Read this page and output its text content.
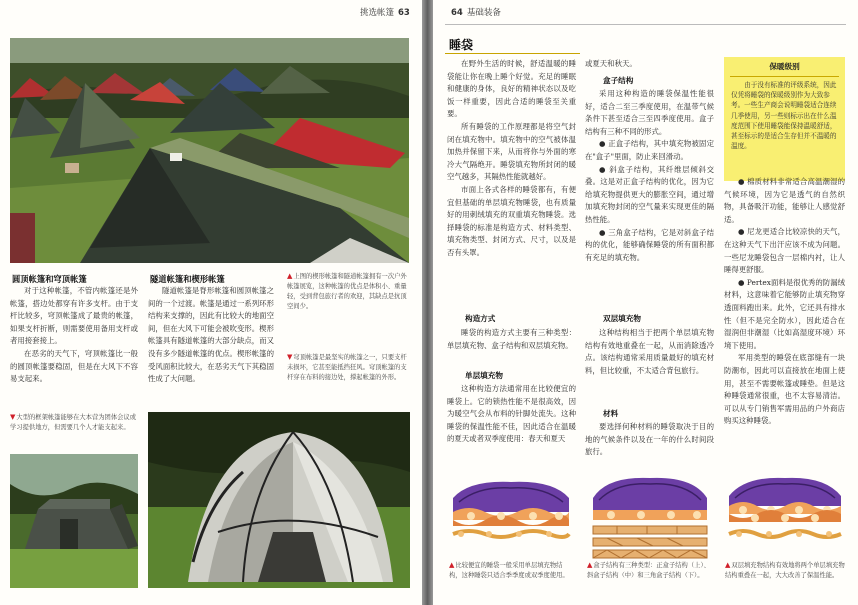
挑选帐篷 63
圆顶帐篷和穹顶帐篷

对于这种帐篷，不管内帐篷还是外帐篷，搭边处都穿有许多支杆。由于支杆比较多，穹顶帐篷成了最贵的帐篷，如果支杆折断，则需要使用备用支杆或者用接套接上。

在恶劣的天气下，穹顶帐篷比一般的圆顶帐篷要稳固，但是在大风下不容易支起来。

▼大型的框架帐篷能够在大本营为团体会议或学习提供地方，但需要几个人才能支起来。
隧道帐篷和楔形帐篷

隧道帐篷是脊形帐篷和圆顶帐篷之间的一个过渡。帐篷是通过一系列环形结构来支撑的，因此有比较大的地面空间，但在大风下可能会被吹变形。楔形帐篷具有隧道帐篷的大部分缺点，而又没有多少隧道帐篷的优点。楔形帐篷的受风面积比较大，在恶劣天气下其稳固性成了大问题。

▲上图的楔形帐篷和隧道帐篷拥有一次户外帐篷展览，这种帐篷的优点是体积小、重量轻，受到背包旅行者的欢迎，其缺点是抗顶空间少。
▼穹顶帐篷是最坚实的帐篷之一，只要支杆未损坏，它甚至能抵挡狂风。穹顶帐篷的支杆穿在布料的接边处，撑起帐篷的外形。
64 基础装备
睡袋

在野外生活的时候，舒适温暖的睡袋能让你在晚上睡个好觉。充足的睡眠和健康的身体，良好的精神状态以及吃饭一样重要，因此合适的睡袋至关重要。

所有睡袋的工作原理都是将空气封闭在填充物中。填充物中的空气被体温加热并保留下来，从而将你与外面的寒冷大气隔绝开。睡袋填充物所封闭的暖空气越多，其隔热性能就越好。

市面上各式各样的睡袋都有，有便宜但基础的单层填充物睡袋，也有质量好的用刺绒填充的双重填充物睡袋。选择睡袋的标准是构造方式、材料类型、填充物类型、封闭方式、尺寸，以及是否有头罩。

构造方式

睡袋的构造方式主要有三种类型：单层填充物、盒子结构和双层填充物。

单层填充物

这种构造方法通常用在比较便宜的睡袋上。它的锁热性能不是很高效，因为暖空气会从布料的针脚处流失。这种睡袋的保温性能不佳，因此适合在温暖的夏天或者双季度使用：春天和夏天

或夏天和秋天。

盒子结构

采用这种构造的睡袋保温性能很好，适合二至三季度使用，在温带气候条件下甚至适合三至四季度使用。盒子结构有三种不同的形式。

● 正盒子结构，其中填充物被固定在"盒子"里面，防止来回滑动。

● 斜盒子结构，其纤维层倾斜交叠。这是对正盒子结构的优化，因为它给填充物提供更大的膨胀空间，通过增加填充物封闭的空气量来实现更佳的隔热性能。

● 三角盒子结构，它是对斜盒子结构的优化，能够确保睡袋的所有面积都有充足的填充物。

双层填充物

这种结构相当于把两个单层填充物结构有效地重叠在一起，从而消除透冷点。该结构通常采用质量最好的填充材料，但比较重，不太适合背包旅行。

材料

要选择何种材料的睡袋取决于目的地的气候条件以及在一年的什么时间段旅行。

保暖级别
由于没有标准的评级系统，因此仅凭将睡袋的保暖级别作为大致参考。一些生产商会说明睡袋适合连续几季使用，另一些则标示出在什么温度范围下使用睡袋能保持温暖舒适，甚至标示的是适合生存但并不温暖的温度。

● 棉质材料非常适合高温潮湿的气候环境，因为它是透气的自然织物，具备吸汗功能，能够让人感觉舒适。

● 尼龙更适合比较凉快的天气，在这种天气下出汗应该不成为问题。一些尼龙睡袋包含一层棉内衬，让人睡得更舒服。

● Pertex面料是很优秀的防漏绒材料，这意味着它能够防止填充物穿透面料跑出来。此外，它还具有排水性（但不是完全防水），因此适合在湿润但非潮湿（比如高湿度环境）环境下使用。

军用类型的睡袋在底部缝有一块防潮布，因此可以直接放在地面上使用，甚至不需要帐篷或睡垫。但是这种睡袋通常很重，也不太容易清洁。可以从专门销售军需用品的户外商店购买这种睡袋。

▲比较便宜的睡袋一般采用单层填充物结构，这种睡袋只适合季季度或双季度使用。
▲盒子结构有三种类型：正盒子结构（上）、斜盒子结构（中）和三角盒子结构（下）。
▲双层填充物结构有效地将两个单层填充物结构重叠在一起，大大改善了保温性能。
